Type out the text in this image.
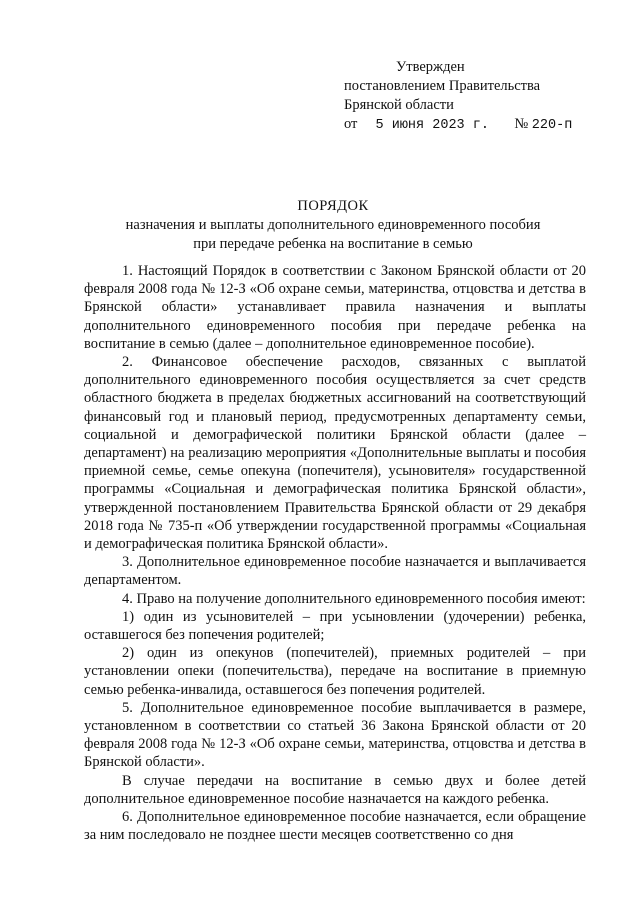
Утвержден
постановлением Правительства
Брянской области
от 5 июня 2023 г. № 220-п
ПОРЯДОК
назначения и выплаты дополнительного единовременного пособия
при передаче ребенка на воспитание в семью

1. Настоящий Порядок в соответствии с Законом Брянской области от 20 февраля 2008 года № 12-З «Об охране семьи, материнства, отцовства и детства в Брянской области» устанавливает правила назначения и выплаты дополнительного единовременного пособия при передаче ребенка на воспитание в семью (далее – дополнительное единовременное пособие).

2. Финансовое обеспечение расходов, связанных с выплатой дополнительного единовременного пособия осуществляется за счет средств областного бюджета в пределах бюджетных ассигнований на соответствующий финансовый год и плановый период, предусмотренных департаменту семьи, социальной и демографической политики Брянской области (далее – департамент) на реализацию мероприятия «Дополнительные выплаты и пособия приемной семье, семье опекуна (попечителя), усыновителя» государственной программы «Социальная и демографическая политика Брянской области», утвержденной постановлением Правительства Брянской области от 29 декабря 2018 года № 735-п «Об утверждении государственной программы «Социальная и демографическая политика Брянской области».

3. Дополнительное единовременное пособие назначается и выплачивается департаментом.

4. Право на получение дополнительного единовременного пособия имеют:

1) один из усыновителей – при усыновлении (удочерении) ребенка, оставшегося без попечения родителей;

2) один из опекунов (попечителей), приемных родителей – при установлении опеки (попечительства), передаче на воспитание в приемную семью ребенка-инвалида, оставшегося без попечения родителей.

5. Дополнительное единовременное пособие выплачивается в размере, установленном в соответствии со статьей 36 Закона Брянской области от 20 февраля 2008 года № 12-З «Об охране семьи, материнства, отцовства и детства в Брянской области».

В случае передачи на воспитание в семью двух и более детей дополнительное единовременное пособие назначается на каждого ребенка.

6. Дополнительное единовременное пособие назначается, если обращение за ним последовало не позднее шести месяцев соответственно со дня
